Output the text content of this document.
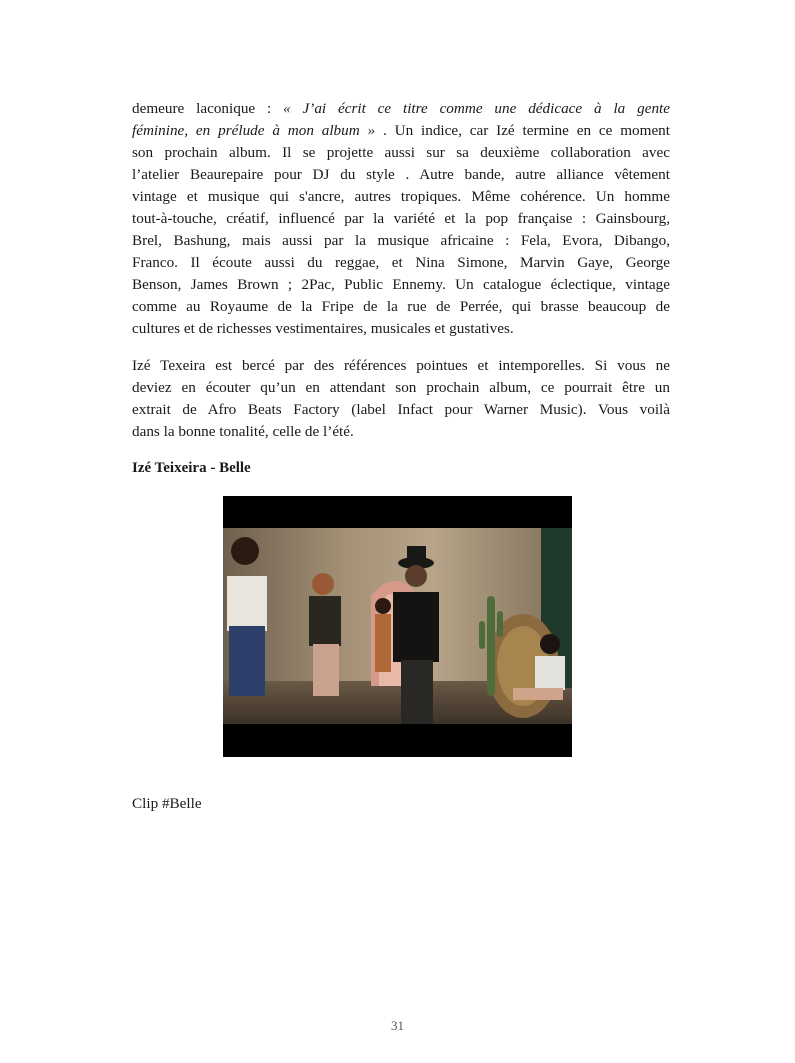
demeure laconique : « J’ai écrit ce titre comme une dédicace à la gente
féminine, en prélude à mon album » . Un indice, car Izé termine en ce moment
son prochain album. Il se projette aussi sur sa deuxième collaboration avec
l’atelier Beaurepaire pour DJ du style . Autre bande, autre alliance vêtement
vintage et musique qui s'ancre, autres tropiques. Même cohérence. Un homme
tout-à-touche, créatif, influencé par la variété et la pop française : Gainsbourg,
Brel, Bashung, mais aussi par la musique africaine : Fela, Evora, Dibango,
Franco. Il écoute aussi du reggae, et Nina Simone, Marvin Gaye, George
Benson, James Brown ; 2Pac, Public Ennemy. Un catalogue éclectique, vintage
comme au Royaume de la Fripe de la rue de Perrée, qui brasse beaucoup de
cultures et de richesses vestimentaires, musicales et gustatives.
Izé Texeira est bercé par des références pointues et intemporelles. Si vous ne
deviez en écouter qu’un en attendant son prochain album, ce pourrait être un
extrait de Afro Beats Factory (label Infact pour Warner Music). Vous voilà
dans la bonne tonalité, celle de l’été.
Izé Teixeira - Belle
Clip #Belle
31
